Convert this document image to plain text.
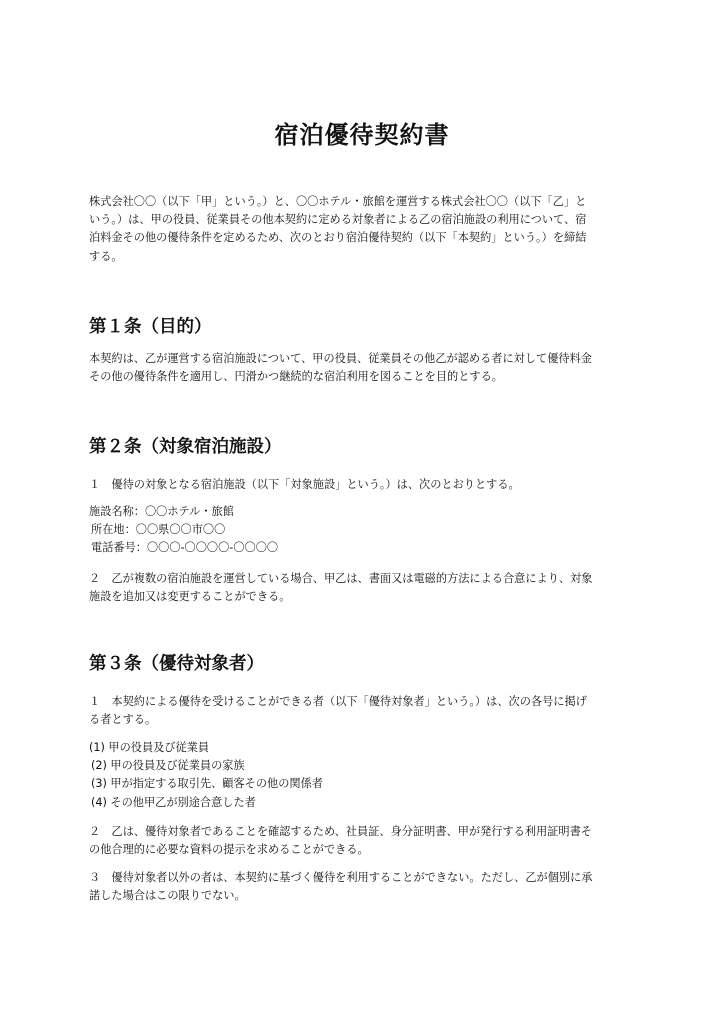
宿泊優待契約書
株式会社〇〇（以下「甲」という。）と、〇〇ホテル・旅館を運営する株式会社〇〇（以下「乙」と
いう。）は、甲の役員、従業員その他本契約に定める対象者による乙の宿泊施設の利用について、宿
泊料金その他の優待条件を定めるため、次のとおり宿泊優待契約（以下「本契約」という。）を締結
する。
第１条（目的）
本契約は、乙が運営する宿泊施設について、甲の役員、従業員その他乙が認める者に対して優待料金
その他の優待条件を適用し、円滑かつ継続的な宿泊利用を図ることを目的とする。
第２条（対象宿泊施設）
１　優待の対象となる宿泊施設（以下「対象施設」という。）は、次のとおりとする。
施設名称：〇〇ホテル・旅館
所在地：〇〇県〇〇市〇〇
電話番号：〇〇〇-〇〇〇〇-〇〇〇〇
２　乙が複数の宿泊施設を運営している場合、甲乙は、書面又は電磁的方法による合意により、対象
施設を追加又は変更することができる。
第３条（優待対象者）
１　本契約による優待を受けることができる者（以下「優待対象者」という。）は、次の各号に掲げ
る者とする。
(1) 甲の役員及び従業員
(2) 甲の役員及び従業員の家族
(3) 甲が指定する取引先、顧客その他の関係者
(4) その他甲乙が別途合意した者
２　乙は、優待対象者であることを確認するため、社員証、身分証明書、甲が発行する利用証明書そ
の他合理的に必要な資料の提示を求めることができる。
３　優待対象者以外の者は、本契約に基づく優待を利用することができない。ただし、乙が個別に承
諾した場合はこの限りでない。
